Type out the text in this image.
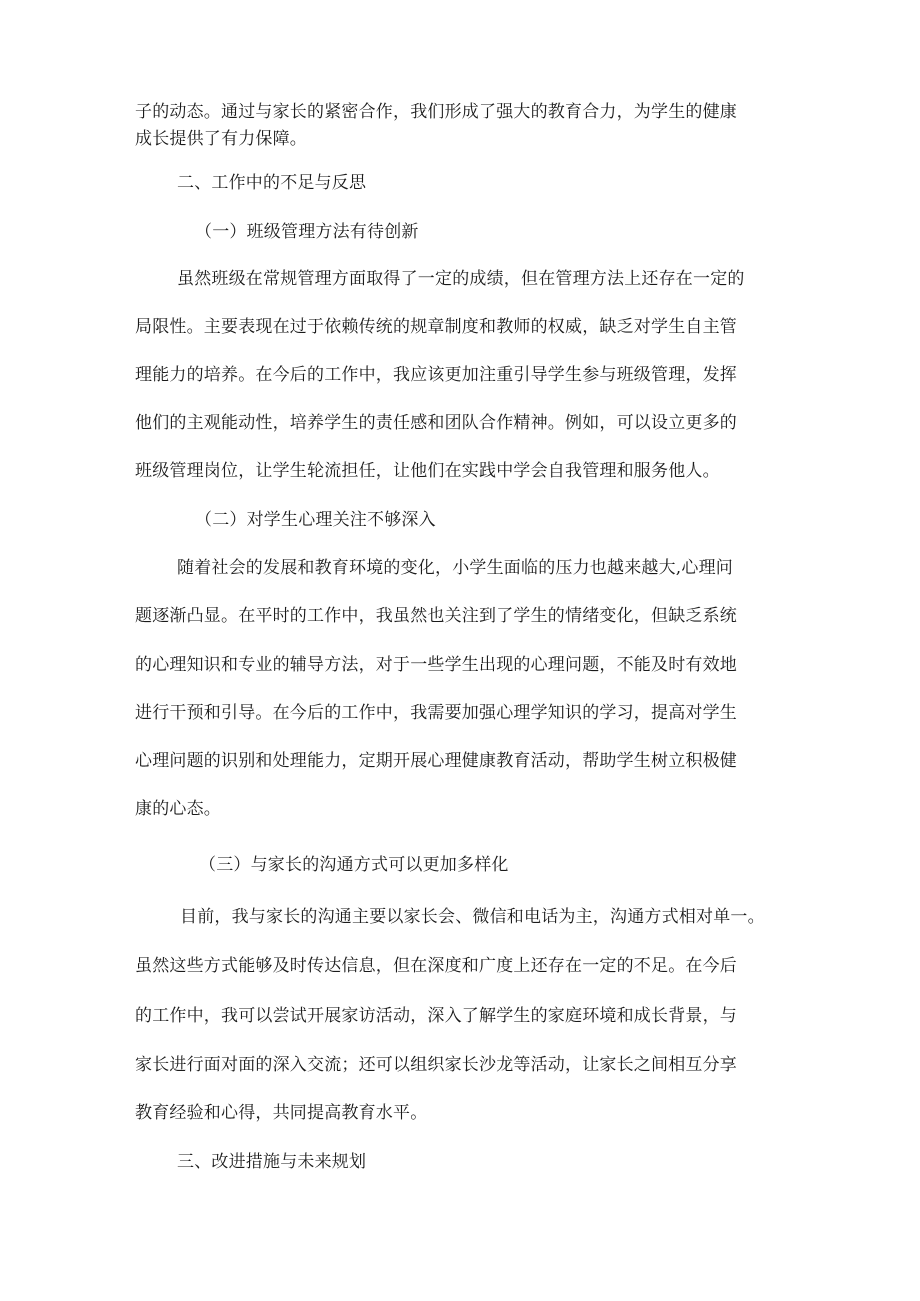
子的动态。通过与家长的紧密合作，我们形成了强大的教育合力，为学生的健康
成长提供了有力保障。
二、工作中的不足与反思
（一）班级管理方法有待创新
虽然班级在常规管理方面取得了一定的成绩，但在管理方法上还存在一定的
局限性。主要表现在过于依赖传统的规章制度和教师的权威，缺乏对学生自主管
理能力的培养。在今后的工作中，我应该更加注重引导学生参与班级管理，发挥
他们的主观能动性，培养学生的责任感和团队合作精神。例如，可以设立更多的
班级管理岗位，让学生轮流担任，让他们在实践中学会自我管理和服务他人。
（二）对学生心理关注不够深入
随着社会的发展和教育环境的变化，小学生面临的压力也越来越大,心理问
题逐渐凸显。在平时的工作中，我虽然也关注到了学生的情绪变化，但缺乏系统
的心理知识和专业的辅导方法，对于一些学生出现的心理问题，不能及时有效地
进行干预和引导。在今后的工作中，我需要加强心理学知识的学习，提高对学生
心理问题的识别和处理能力，定期开展心理健康教育活动，帮助学生树立积极健
康的心态。
（三）与家长的沟通方式可以更加多样化
目前，我与家长的沟通主要以家长会、微信和电话为主，沟通方式相对单一。
虽然这些方式能够及时传达信息，但在深度和广度上还存在一定的不足。在今后
的工作中，我可以尝试开展家访活动，深入了解学生的家庭环境和成长背景，与
家长进行面对面的深入交流；还可以组织家长沙龙等活动，让家长之间相互分享
教育经验和心得，共同提高教育水平。
三、改进措施与未来规划
